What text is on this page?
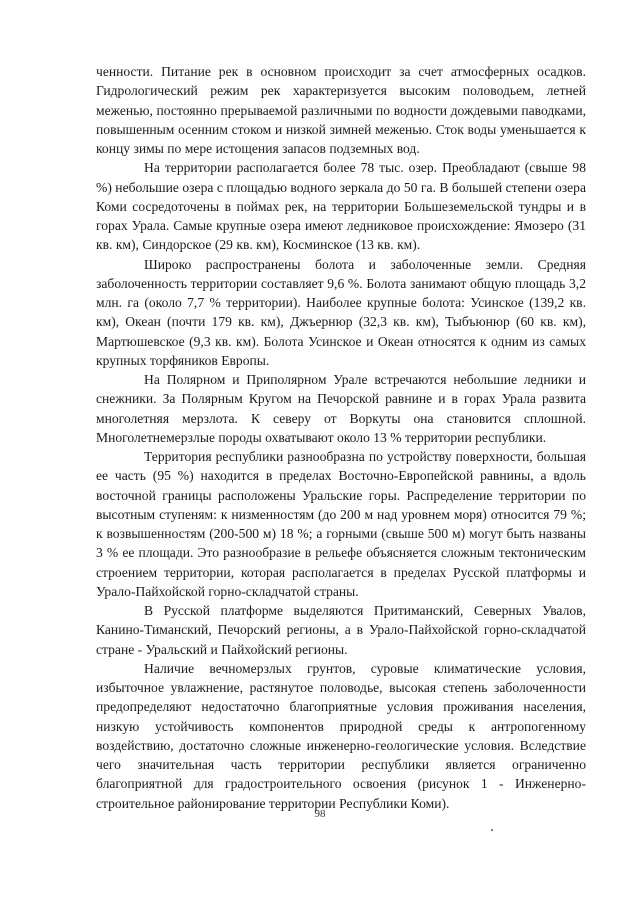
ченности. Питание рек в основном происходит за счет атмосферных осадков. Гидрологический режим рек характеризуется высоким половодьем, летней меженью, постоянно прерываемой различными по водности дождевыми паводками, повышенным осенним стоком и низкой зимней меженью. Сток воды уменьшается к концу зимы по мере истощения запасов подземных вод.

На территории располагается более 78 тыс. озер. Преобладают (свыше 98 %) небольшие озера с площадью водного зеркала до 50 га. В большей степени озера Коми сосредоточены в поймах рек, на территории Большеземельской тундры и в горах Урала. Самые крупные озера имеют ледниковое происхождение: Ямозеро (31 кв. км), Синдорское (29 кв. км), Косминское (13 кв. км).

Широко распространены болота и заболоченные земли. Средняя заболоченность территории составляет 9,6 %. Болота занимают общую площадь 3,2 млн. га (около 7,7 % территории). Наиболее крупные болота: Усинское (139,2 кв. км), Океан (почти 179 кв. км), Джъернюр (32,3 кв. км), Тыбъюнюр (60 кв. км), Мартюшевское (9,3 кв. км). Болота Усинское и Океан относятся к одним из самых крупных торфяников Европы.

На Полярном и Приполярном Урале встречаются небольшие ледники и снежники. За Полярным Кругом на Печорской равнине и в горах Урала развита многолетняя мерзлота. К северу от Воркуты она становится сплошной. Многолетнемерзлые породы охватывают около 13 % территории республики.

Территория республики разнообразна по устройству поверхности, большая ее часть (95 %) находится в пределах Восточно-Европейской равнины, а вдоль восточной границы расположены Уральские горы. Распределение территории по высотным ступеням: к низменностям (до 200 м над уровнем моря) относится 79 %; к возвышенностям (200-500 м) 18 %; а горными (свыше 500 м) могут быть названы 3 % ее площади. Это разнообразие в рельефе объясняется сложным тектоническим строением территории, которая располагается в пределах Русской платформы и Урало-Пайхойской горно-складчатой страны.

В Русской платформе выделяются Притиманский, Северных Увалов, Канино-Тиманский, Печорский регионы, а в Урало-Пайхойской горно-складчатой стране - Уральский и Пайхойский регионы.

Наличие вечномерзлых грунтов, суровые климатические условия, избыточное увлажнение, растянутое половодье, высокая степень заболоченности предопределяют недостаточно благоприятные условия проживания населения, низкую устойчивость компонентов природной среды к антропогенному воздействию, достаточно сложные инженерно-геологические условия. Вследствие чего значительная часть территории республики является ограниченно благоприятной для градостроительного освоения (рисунок 1 - Инженерно-строительное районирование территории Республики Коми).

98
